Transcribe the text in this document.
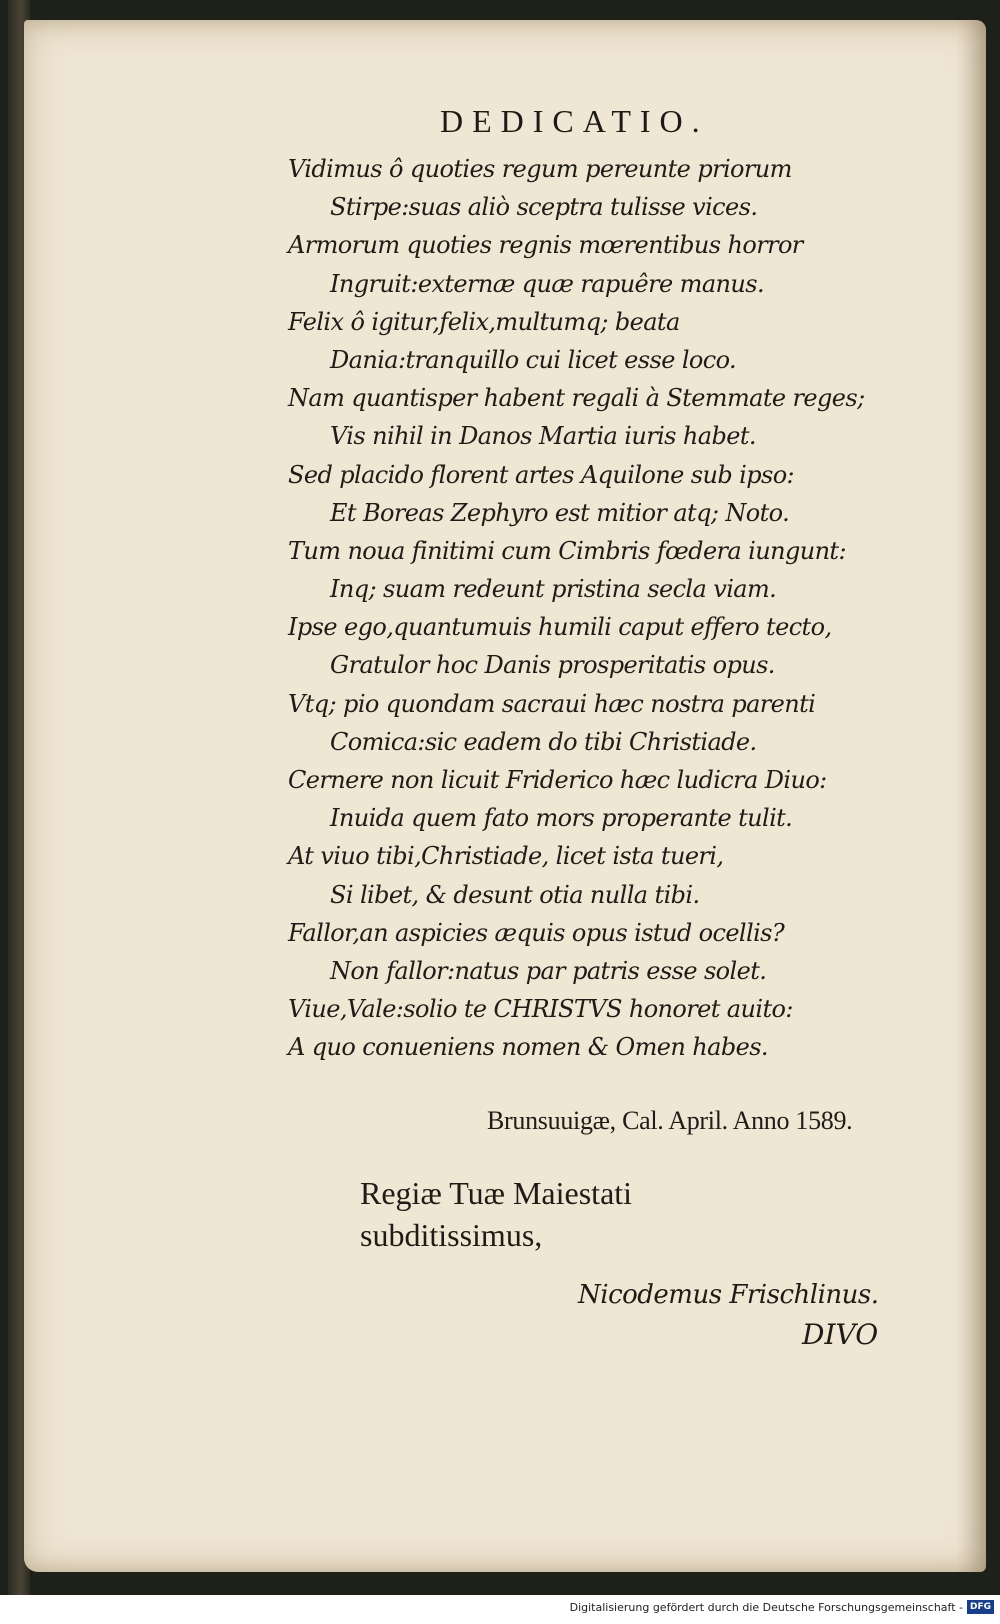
DEDICATIO.
Vidimus ô quoties regum pereunte priorum
Stirpe:suas aliò sceptra tulisse vices.
Armorum quoties regnis mœrentibus horror
Ingruit:externæ quæ rapuêre manus.
Felix ô igitur,felix,multumq; beata
Dania:tranquillo cui licet esse loco.
Nam quantisper habent regali à Stemmate reges;
Vis nihil in Danos Martia iuris habet.
Sed placido florent artes Aquilone sub ipso:
Et Boreas Zephyro est mitior atq; Noto.
Tum noua finitimi cum Cimbris fœdera iungunt:
Inq; suam redeunt pristina secla viam.
Ipse ego,quantumuis humili caput effero tecto,
Gratulor hoc Danis prosperitatis opus.
Vtq; pio quondam sacraui hæc nostra parenti
Comica:sic eadem do tibi Christiade.
Cernere non licuit Friderico hæc ludicra Diuo:
Inuida quem fato mors properante tulit.
At viuo tibi,Christiade, licet ista tueri,
Si libet, & desunt otia nulla tibi.
Fallor,an aspicies æquis opus istud ocellis?
Non fallor:natus par patris esse solet.
Viue,Vale:solio te CHRISTVS honoret auito:
A quo conueniens nomen & Omen habes.
Brunsuuigæ, Cal. April. Anno 1589.
Regiæ Tuæ Maiestati
subditissimus,
Nicodemus Frischlinus.
DIVO
Digitalisierung gefördert durch die Deutsche Forschungsgemeinschaft - DFG
